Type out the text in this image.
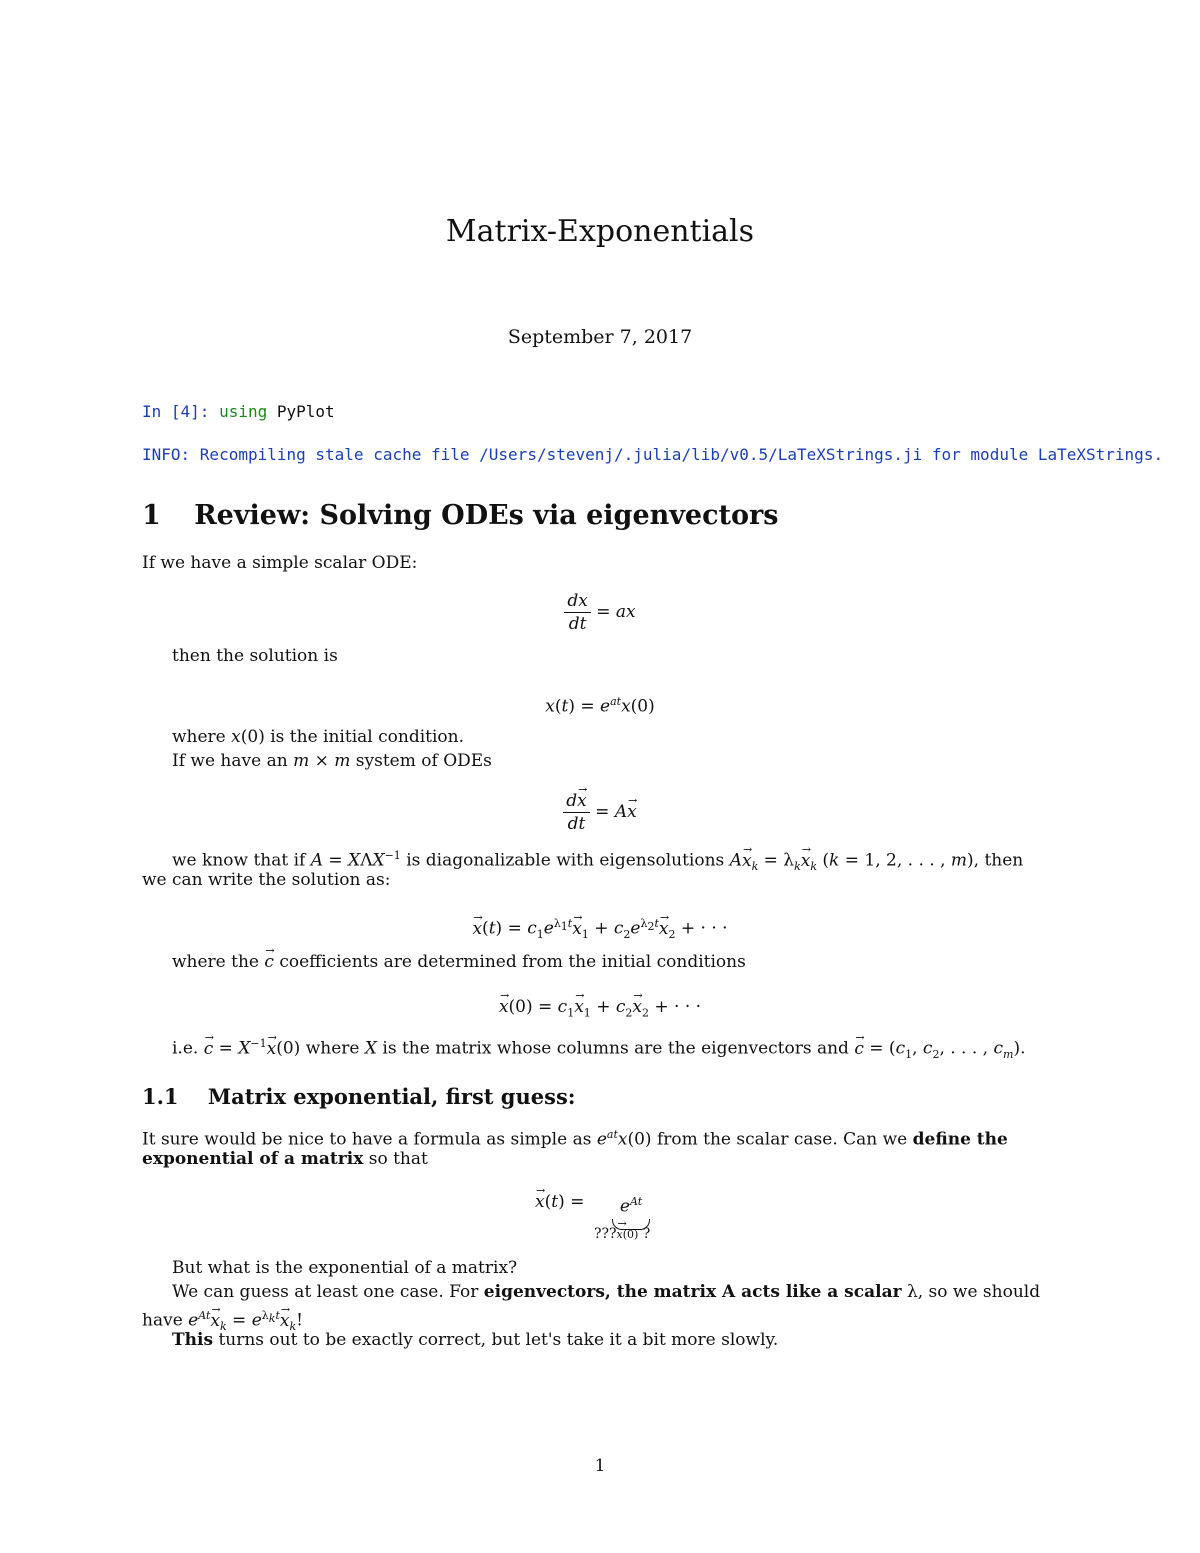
Matrix-Exponentials
September 7, 2017
In [4]: using PyPlot
INFO: Recompiling stale cache file /Users/stevenj/.julia/lib/v0.5/LaTeXStrings.ji for module LaTeXStrings.
1 Review: Solving ODEs via eigenvectors
If we have a simple scalar ODE:
$\frac{dx}{dt}$ = ax
then the solution is
$x(t) = e^{at}x(0)$
where x(0) is the initial condition.
If we have an m × m system of ODEs
$\frac{dx \to}{dt} = Ax$ →
we know that if $A = X\Lambda X^{-1}$ is diagonalizable with eigensolutions $Ax \to_k = \lambda_kx \to_k$ (k = 1, 2, . . . , m), then
we can write the solution as:
$x \to(t) = c_1e^{\lambda_1t}x \to_1 + c_2e^{\lambda_2t}x \to_2$ + · · ·
where the c → coefficients are determined from the initial conditions
$x \to(0) = c_1x \to_1 + c_2x \to_2$ + · · ·
i.e. c → = $X^{-1}x \to(0)$ where X is the matrix whose columns are the eigenvectors and c → = ($c_1$, $c_2$, . . . , $c_m$).
1.1 Matrix exponential, first guess:
It sure would be nice to have a formula as simple as $e^{at}x(0)$ from the scalar case. Can we define the
exponential of a matrix so that
x →(t) =	$e^{At}$
???x →(0) ?
But what is the exponential of a matrix?
We can guess at least one case. For eigenvectors, the matrix A acts like a scalar λ, so we should
have $e^{At}x \to_k = e^{\lambda_kt}x \to_k$!
This turns out to be exactly correct, but let's take it a bit more slowly.
1
